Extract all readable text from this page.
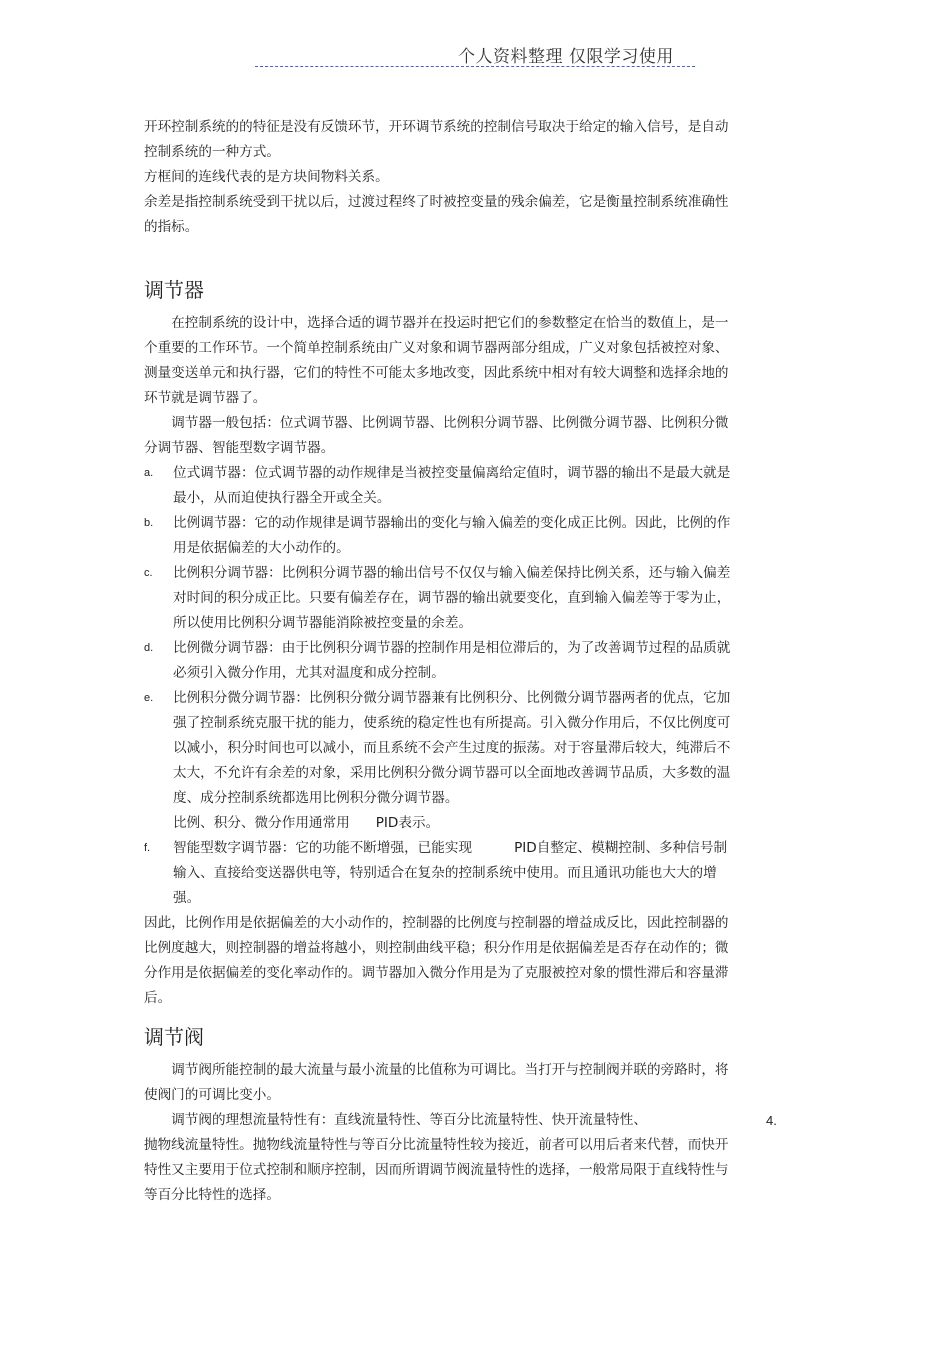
个人资料整理 仅限学习使用

开环控制系统的的特征是没有反馈环节，开环调节系统的控制信号取决于给定的输入信号，是自动控制系统的一种方式。

方框间的连线代表的是方块间物料关系。

余差是指控制系统受到干扰以后，过渡过程终了时被控变量的残余偏差，它是衡量控制系统准确性的指标。

调节器

在控制系统的设计中，选择合适的调节器并在投运时把它们的参数整定在恰当的数值上，是一个重要的工作环节。一个简单控制系统由广义对象和调节器两部分组成，广义对象包括被控对象、测量变送单元和执行器，它们的特性不可能太多地改变，因此系统中相对有较大调整和选择余地的环节就是调节器了。

调节器一般包括：位式调节器、比例调节器、比例积分调节器、比例微分调节器、比例积分微分调节器、智能型数字调节器。

a. 位式调节器：位式调节器的动作规律是当被控变量偏离给定值时，调节器的输出不是最大就是最小，从而迫使执行器全开或全关。
b. 比例调节器：它的动作规律是调节器输出的变化与输入偏差的变化成正比例。因此，比例的作用是依据偏差的大小动作的。
c. 比例积分调节器：比例积分调节器的输出信号不仅仅与输入偏差保持比例关系，还与输入偏差对时间的积分成正比。只要有偏差存在，调节器的输出就要变化，直到输入偏差等于零为止，所以使用比例积分调节器能消除被控变量的余差。
d. 比例微分调节器：由于比例积分调节器的控制作用是相位滞后的，为了改善调节过程的品质就必须引入微分作用，尤其对温度和成分控制。
e. 比例积分微分调节器：比例积分微分调节器兼有比例积分、比例微分调节器两者的优点，它加强了控制系统克服干扰的能力，使系统的稳定性也有所提高。引入微分作用后，不仅比例度可以减小，积分时间也可以减小，而且系统不会产生过度的振荡。对于容量滞后较大，纯滞后不太大，不允许有余差的对象，采用比例积分微分调节器可以全面地改善调节品质，大多数的温度、成分控制系统都选用比例积分微分调节器。
比例、积分、微分作用通常用 PID表示。
f. 智能型数字调节器：它的功能不断增强，已能实现	PID自整定、模糊控制、多种信号制输入、直接给变送器供电等，特别适合在复杂的控制系统中使用。而且通讯功能也大大的增强。

因此，比例作用是依据偏差的大小动作的，控制器的比例度与控制器的增益成反比，因此控制器的比例度越大，则控制器的增益将越小，则控制曲线平稳；积分作用是依据偏差是否存在动作的；微分作用是依据偏差的变化率动作的。调节器加入微分作用是为了克服被控对象的惯性滞后和容量滞后。

调节阀

调节阀所能控制的最大流量与最小流量的比值称为可调比。当打开与控制阀并联的旁路时，将使阀门的可调比变小。

调节阀的理想流量特性有：直线流量特性、等百分比流量特性、快开流量特性、	4.

抛物线流量特性。抛物线流量特性与等百分比流量特性较为接近，前者可以用后者来代替，而快开特性又主要用于位式控制和顺序控制，因而所谓调节阀流量特性的选择，一般常局限于直线特性与等百分比特性的选择。
